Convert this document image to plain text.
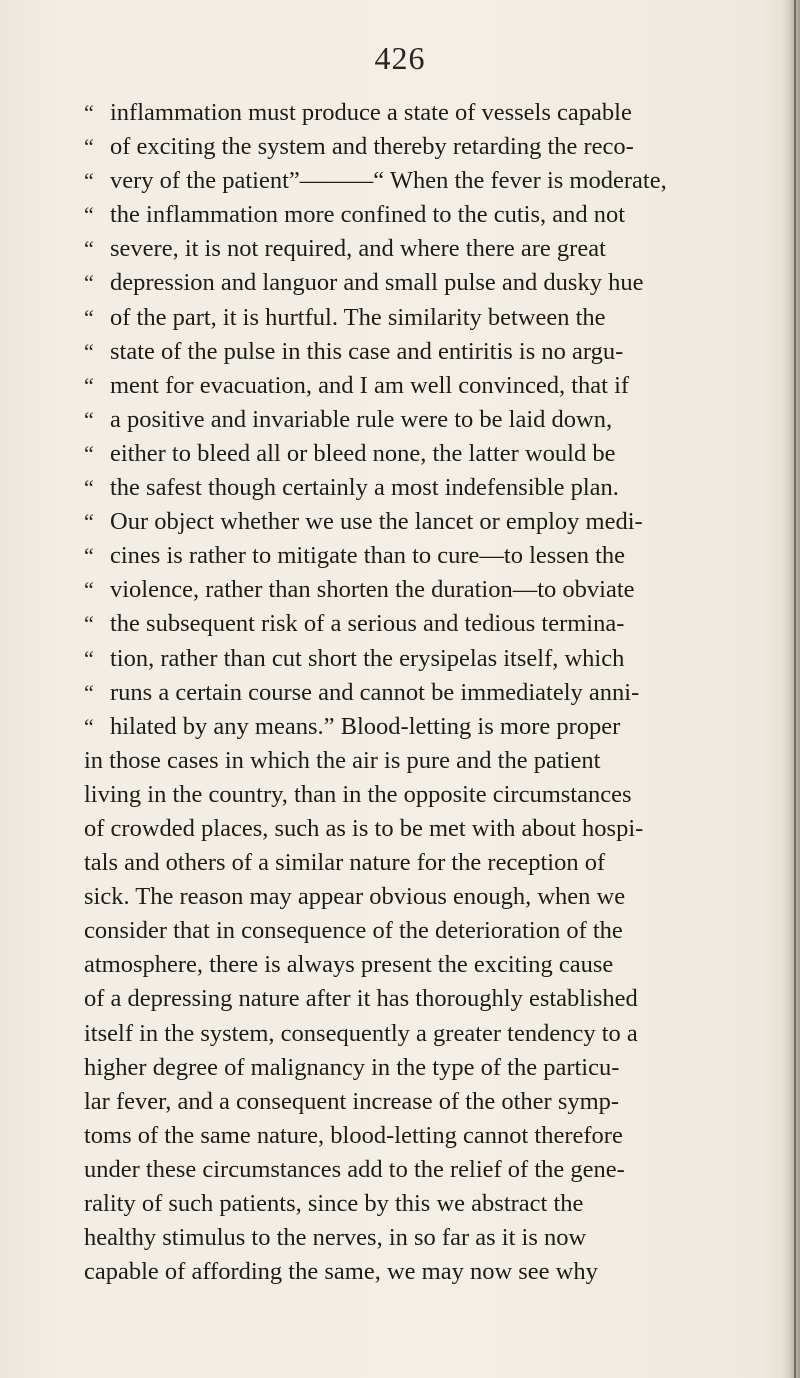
426
“ inflammation must produce a state of vessels capable
“ of exciting the system and thereby retarding the reco-
“ very of the patient”———“ When the fever is moderate,
“ the inflammation more confined to the cutis, and not
“ severe, it is not required, and where there are great
“ depression and languor and small pulse and dusky hue
“ of the part, it is hurtful. The similarity between the
“ state of the pulse in this case and entiritis is no argu-
“ ment for evacuation, and I am well convinced, that if
“ a positive and invariable rule were to be laid down,
“ either to bleed all or bleed none, the latter would be
“ the safest though certainly a most indefensible plan.
“ Our object whether we use the lancet or employ medi-
“ cines is rather to mitigate than to cure—to lessen the
“ violence, rather than shorten the duration—to obviate
“ the subsequent risk of a serious and tedious termina-
“ tion, rather than cut short the erysipelas itself, which
“ runs a certain course and cannot be immediately anni-
“ hilated by any means.” Blood-letting is more proper
in those cases in which the air is pure and the patient
living in the country, than in the opposite circumstances
of crowded places, such as is to be met with about hospi-
tals and others of a similar nature for the reception of
sick. The reason may appear obvious enough, when we
consider that in consequence of the deterioration of the
atmosphere, there is always present the exciting cause
of a depressing nature after it has thoroughly established
itself in the system, consequently a greater tendency to a
higher degree of malignancy in the type of the particu-
lar fever, and a consequent increase of the other symp-
toms of the same nature, blood-letting cannot therefore
under these circumstances add to the relief of the gene-
rality of such patients, since by this we abstract the
healthy stimulus to the nerves, in so far as it is now
capable of affording the same, we may now see why
